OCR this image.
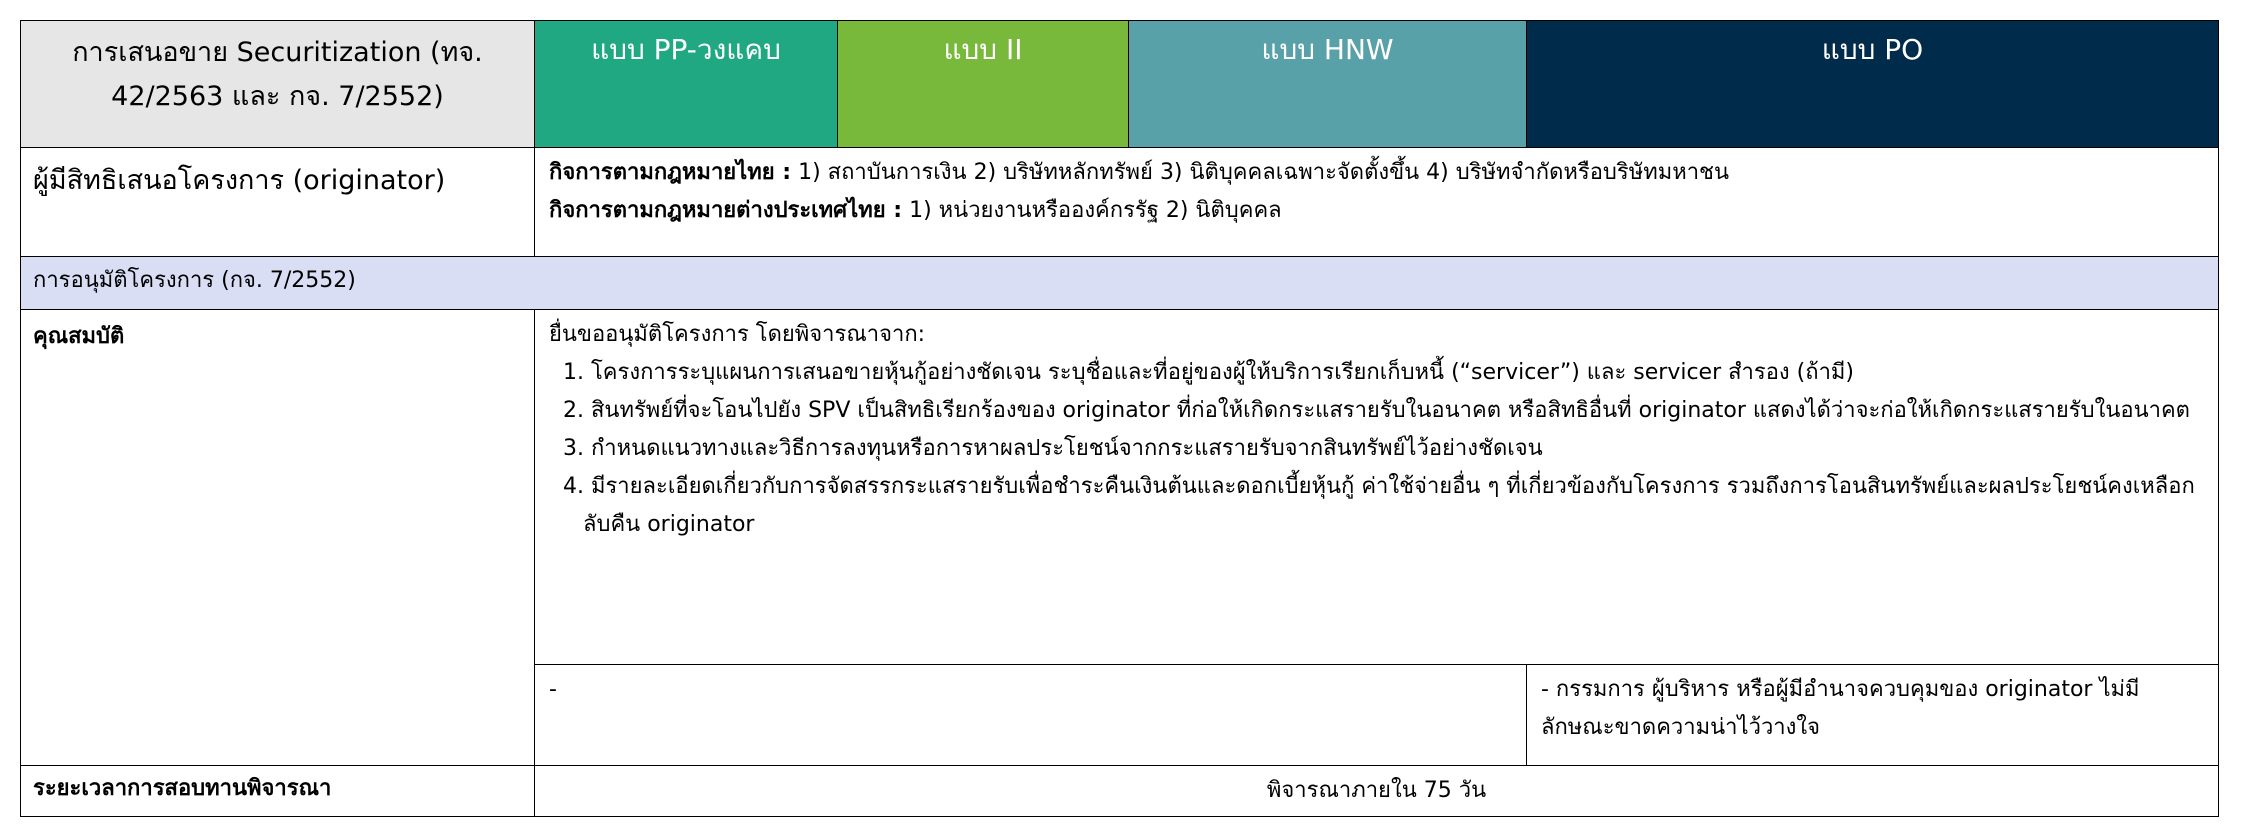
การเสนอขาย Securitization (ทจ. 42/2563 และ กจ. 7/2552)	แบบ PP-วงแคบ	แบบ II	แบบ HNW	แบบ PO
ผู้มีสิทธิเสนอโครงการ (originator)	กิจการตามกฎหมายไทย : 1) สถาบันการเงิน 2) บริษัทหลักทรัพย์ 3) นิติบุคคลเฉพาะจัดตั้งขึ้น 4) บริษัทจำกัดหรือบริษัทมหาชน
กิจการตามกฎหมายต่างประเทศไทย : 1) หน่วยงานหรือองค์กรรัฐ 2) นิติบุคคล			

การอนุมัติโครงการ (กจ. 7/2552)				
คุณสมบัติ	ยื่นขออนุมัติโครงการ โดยพิจารณาจาก:
1. โครงการระบุแผนการเสนอขายหุ้นกู้อย่างชัดเจน ระบุชื่อและที่อยู่ของผู้ให้บริการเรียกเก็บหนี้ (“servicer”) และ servicer สำรอง (ถ้ามี)
2. สินทรัพย์ที่จะโอนไปยัง SPV เป็นสิทธิเรียกร้องของ originator ที่ก่อให้เกิดกระแสรายรับในอนาคต หรือสิทธิอื่นที่ originator แสดงได้ว่าจะก่อให้เกิดกระแสรายรับในอนาคต
3. กำหนดแนวทางและวิธีการลงทุนหรือการหาผลประโยชน์จากกระแสรายรับจากสินทรัพย์ไว้อย่างชัดเจน
4. มีรายละเอียดเกี่ยวกับการจัดสรรกระแสรายรับเพื่อชำระคืนเงินต้นและดอกเบี้ยหุ้นกู้ ค่าใช้จ่ายอื่น ๆ ที่เกี่ยวข้องกับโครงการ รวมถึงการโอนสินทรัพย์และผลประโยชน์คงเหลือกลับคืน originator			

	-			- กรรมการ ผู้บริหาร หรือผู้มีอำนาจควบคุมของ originator ไม่มีลักษณะขาดความน่าไว้วางใจ
ระยะเวลาการสอบทานพิจารณา	พิจารณาภายใน 75 วัน			
